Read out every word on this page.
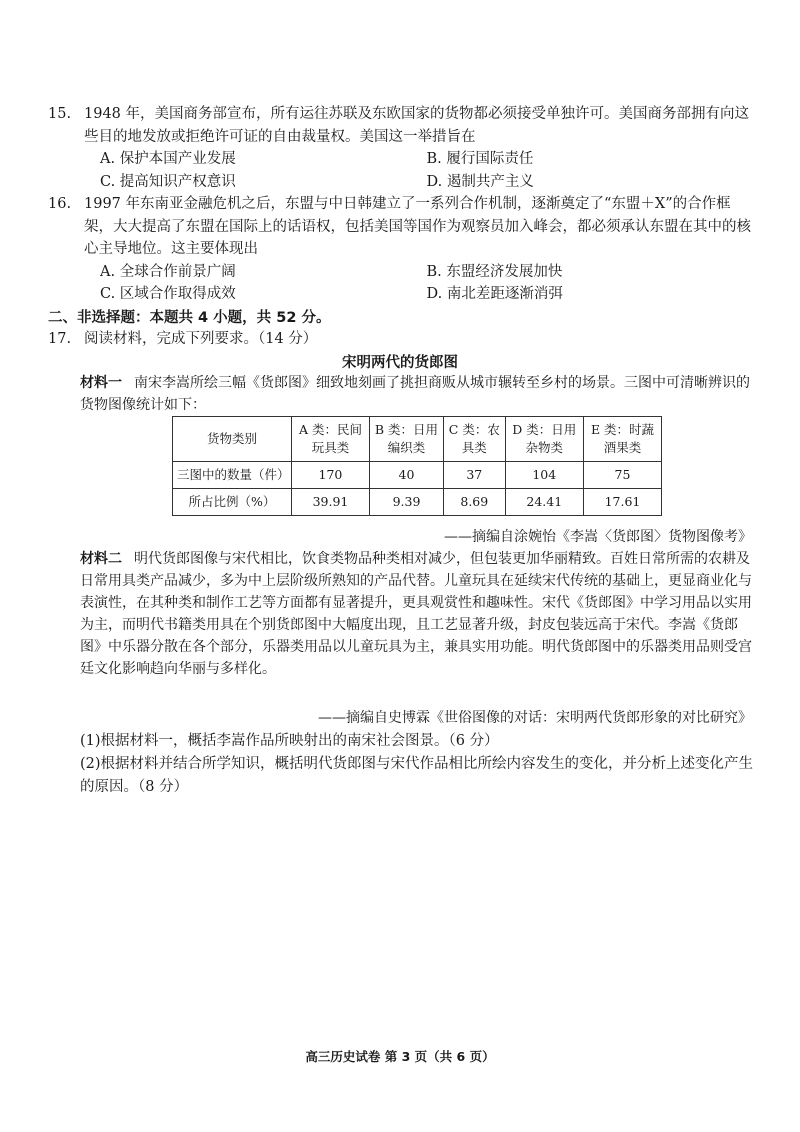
15. 1948 年，美国商务部宣布，所有运往苏联及东欧国家的货物都必须接受单独许可。美国商务部拥有向这些目的地发放或拒绝许可证的自由裁量权。美国这一举措旨在
A. 保护本国产业发展	B. 履行国际责任
C. 提高知识产权意识	D. 遏制共产主义
16. 1997 年东南亚金融危机之后，东盟与中日韩建立了一系列合作机制，逐渐奠定了“东盟＋X”的合作框架，大大提高了东盟在国际上的话语权，包括美国等国作为观察员加入峰会，都必须承认东盟在其中的核心主导地位。这主要体现出
A. 全球合作前景广阔	B. 东盟经济发展加快
C. 区域合作取得成效	D. 南北差距逐渐消弭
二、非选择题：本题共 4 小题，共 52 分。
17. 阅读材料，完成下列要求。（14 分）
宋明两代的货郎图
材料一 南宋李嵩所绘三幅《货郎图》细致地刻画了挑担商贩从城市辗转至乡村的场景。三图中可清晰辨识的货物图像统计如下：
货物类别	A 类：民间玩具类	B 类：日用编织类	C 类：农具类	D 类：日用杂物类	E 类：时蔬酒果类
三图中的数量（件）	170	40	37	104	75
所占比例（%）	39.91	9.39	8.69	24.41	17.61
——摘编自涂婉怡《李嵩〈货郎图〉货物图像考》
材料二 明代货郎图像与宋代相比，饮食类物品种类相对减少，但包装更加华丽精致。百姓日常所需的农耕及日常用具类产品减少，多为中上层阶级所熟知的产品代替。儿童玩具在延续宋代传统的基础上，更显商业化与表演性，在其种类和制作工艺等方面都有显著提升，更具观赏性和趣味性。宋代《货郎图》中学习用品以实用为主，而明代书籍类用具在个别货郎图中大幅度出现，且工艺显著升级，封皮包装远高于宋代。李嵩《货郎图》中乐器分散在各个部分，乐器类用品以儿童玩具为主，兼具实用功能。明代货郎图中的乐器类用品则受宫廷文化影响趋向华丽与多样化。
——摘编自史博霖《世俗图像的对话：宋明两代货郎形象的对比研究》
(1)根据材料一，概括李嵩作品所映射出的南宋社会图景。（6 分）
(2)根据材料并结合所学知识，概括明代货郎图与宋代作品相比所绘内容发生的变化，并分析上述变化产生的原因。（8 分）
高三历史试卷 第 3 页（共 6 页）
